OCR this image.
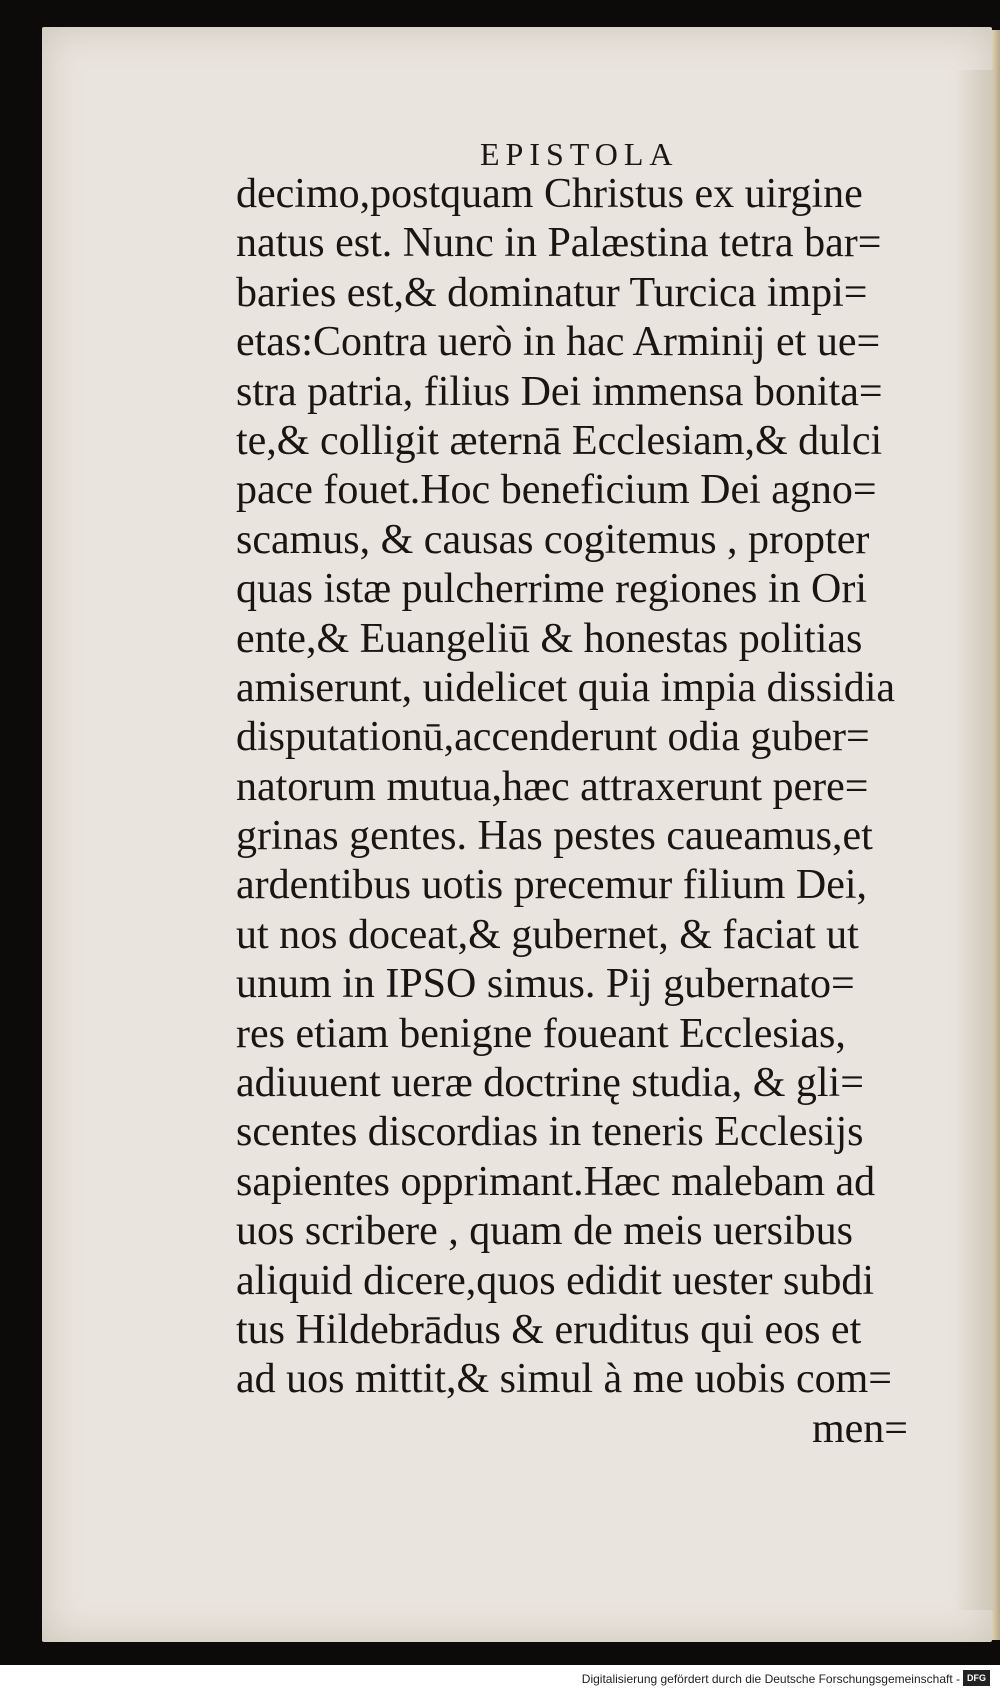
EPISTOLA
decimo,postquam Christus ex uirgine
natus est. Nunc in Palæstina tetra bar=
baries est,& dominatur Turcica impi=
etas:Contra uerò in hac Arminij et ue=
stra patria, filius Dei immensa bonita=
te,& colligit æternā Ecclesiam,& dulci
pace fouet.Hoc beneficium Dei agno=
scamus, & causas cogitemus , propter
quas istæ pulcherrime regiones in Ori
ente,& Euangeliū & honestas politias
amiserunt, uidelicet quia impia dissidia
disputationū,accenderunt odia guber=
natorum mutua,hæc attraxerunt pere=
grinas gentes. Has pestes caueamus,et
ardentibus uotis precemur filium Dei,
ut nos doceat,& gubernet, & faciat ut
unum in IPSO simus. Pij gubernato=
res etiam benigne foueant Ecclesias,
adiuuent ueræ doctrinę studia, & gli=
scentes discordias in teneris Ecclesijs
sapientes opprimant.Hæc malebam ad
uos scribere , quam de meis uersibus
aliquid dicere,quos edidit uester subdi
tus Hildebrādus & eruditus qui eos et
ad uos mittit,& simul à me uobis com=
men=
Digitalisierung gefördert durch die Deutsche Forschungsgemeinschaft - DFG
